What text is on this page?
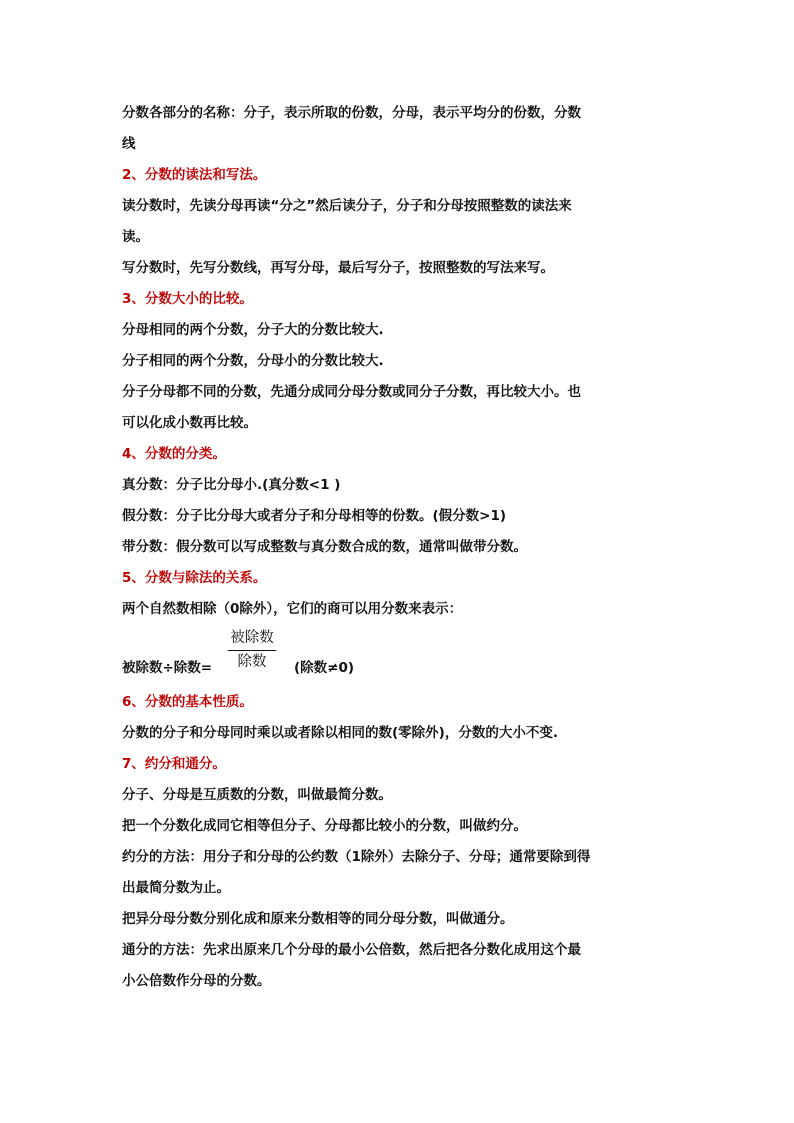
分数各部分的名称：分子，表示所取的份数，分母，表示平均分的份数，分数

线

2、分数的读法和写法。

读分数时，先读分母再读“分之”然后读分子，分子和分母按照整数的读法来

读。

写分数时，先写分数线，再写分母，最后写分子，按照整数的写法来写。

3、分数大小的比较。

分母相同的两个分数，分子大的分数比较大.

分子相同的两个分数，分母小的分数比较大.

分子分母都不同的分数，先通分成同分母分数或同分子分数，再比较大小。也

可以化成小数再比较。

4、分数的分类。

真分数：分子比分母小.(真分数<1 )

假分数：分子比分母大或者分子和分母相等的份数。(假分数>1)

带分数：假分数可以写成整数与真分数合成的数，通常叫做带分数。

5、分数与除法的关系。

两个自然数相除（0除外），它们的商可以用分数来表示：

被除数÷除数=
被除数
除数	(除数≠0)

6、分数的基本性质。

分数的分子和分母同时乘以或者除以相同的数(零除外)，分数的大小不变.

7、约分和通分。

分子、分母是互质数的分数，叫做最简分数。

把一个分数化成同它相等但分子、分母都比较小的分数，叫做约分。

约分的方法：用分子和分母的公约数（1除外）去除分子、分母；通常要除到得

出最简分数为止。

把异分母分数分别化成和原来分数相等的同分母分数，叫做通分。

通分的方法：先求出原来几个分母的最小公倍数，然后把各分数化成用这个最

小公倍数作分母的分数。
